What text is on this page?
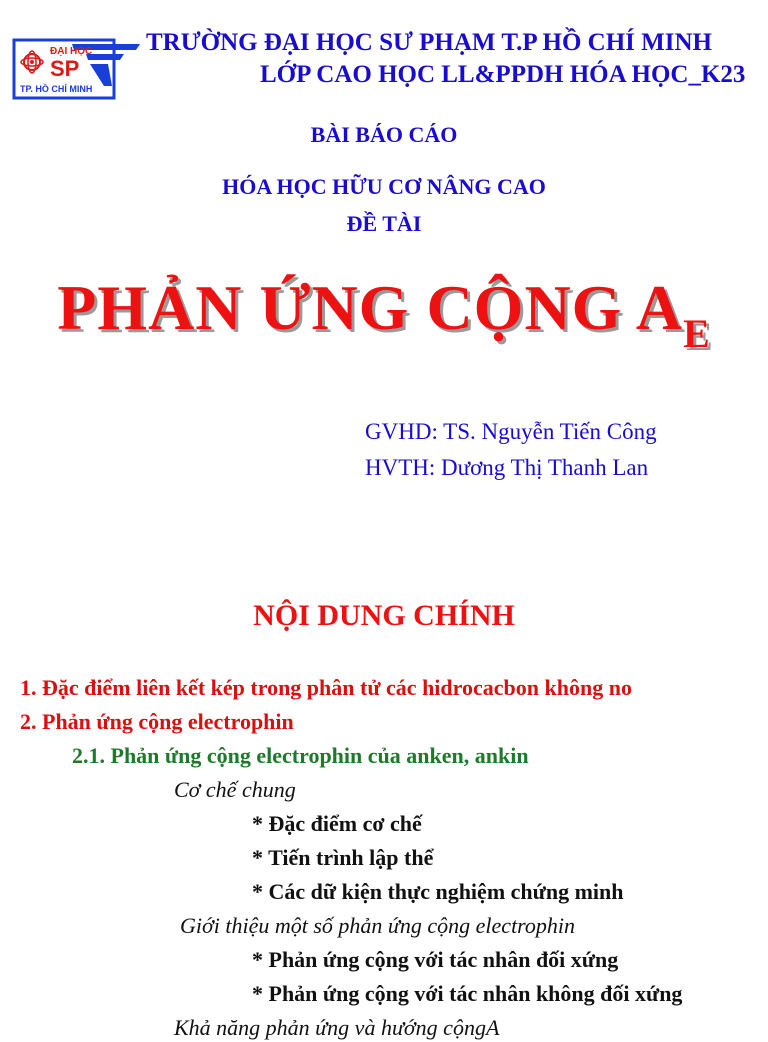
ĐẠI HỌC
SP
TP. HỒ CHÍ MINH

TRƯỜNG ĐẠI HỌC SƯ PHẠM T.P HỒ CHÍ MINH

LỚP CAO HỌC LL&PPDH HÓA HỌC_K23

BÀI BÁO CÁO

HÓA HỌC HỮU CƠ NÂNG CAO

ĐỀ TÀI

PHẢN ỨNG CỘNG $A_E$

GVHD: TS. Nguyễn Tiến Công

HVTH: Dương Thị Thanh Lan

NỘI DUNG CHÍNH
1. Đặc điểm liên kết kép trong phân tử các hidrocacbon không no
2. Phản ứng cộng electrophin
2.1. Phản ứng cộng electrophin của anken, ankin
Cơ chế chung
* Đặc điểm cơ chế
* Tiến trình lập thể
* Các dữ kiện thực nghiệm chứng minh
Giới thiệu một số phản ứng cộng electrophin
* Phản ứng cộng với tác nhân đối xứng
* Phản ứng cộng với tác nhân không đối xứng
Khả năng phản ứng và hướng cộngA
